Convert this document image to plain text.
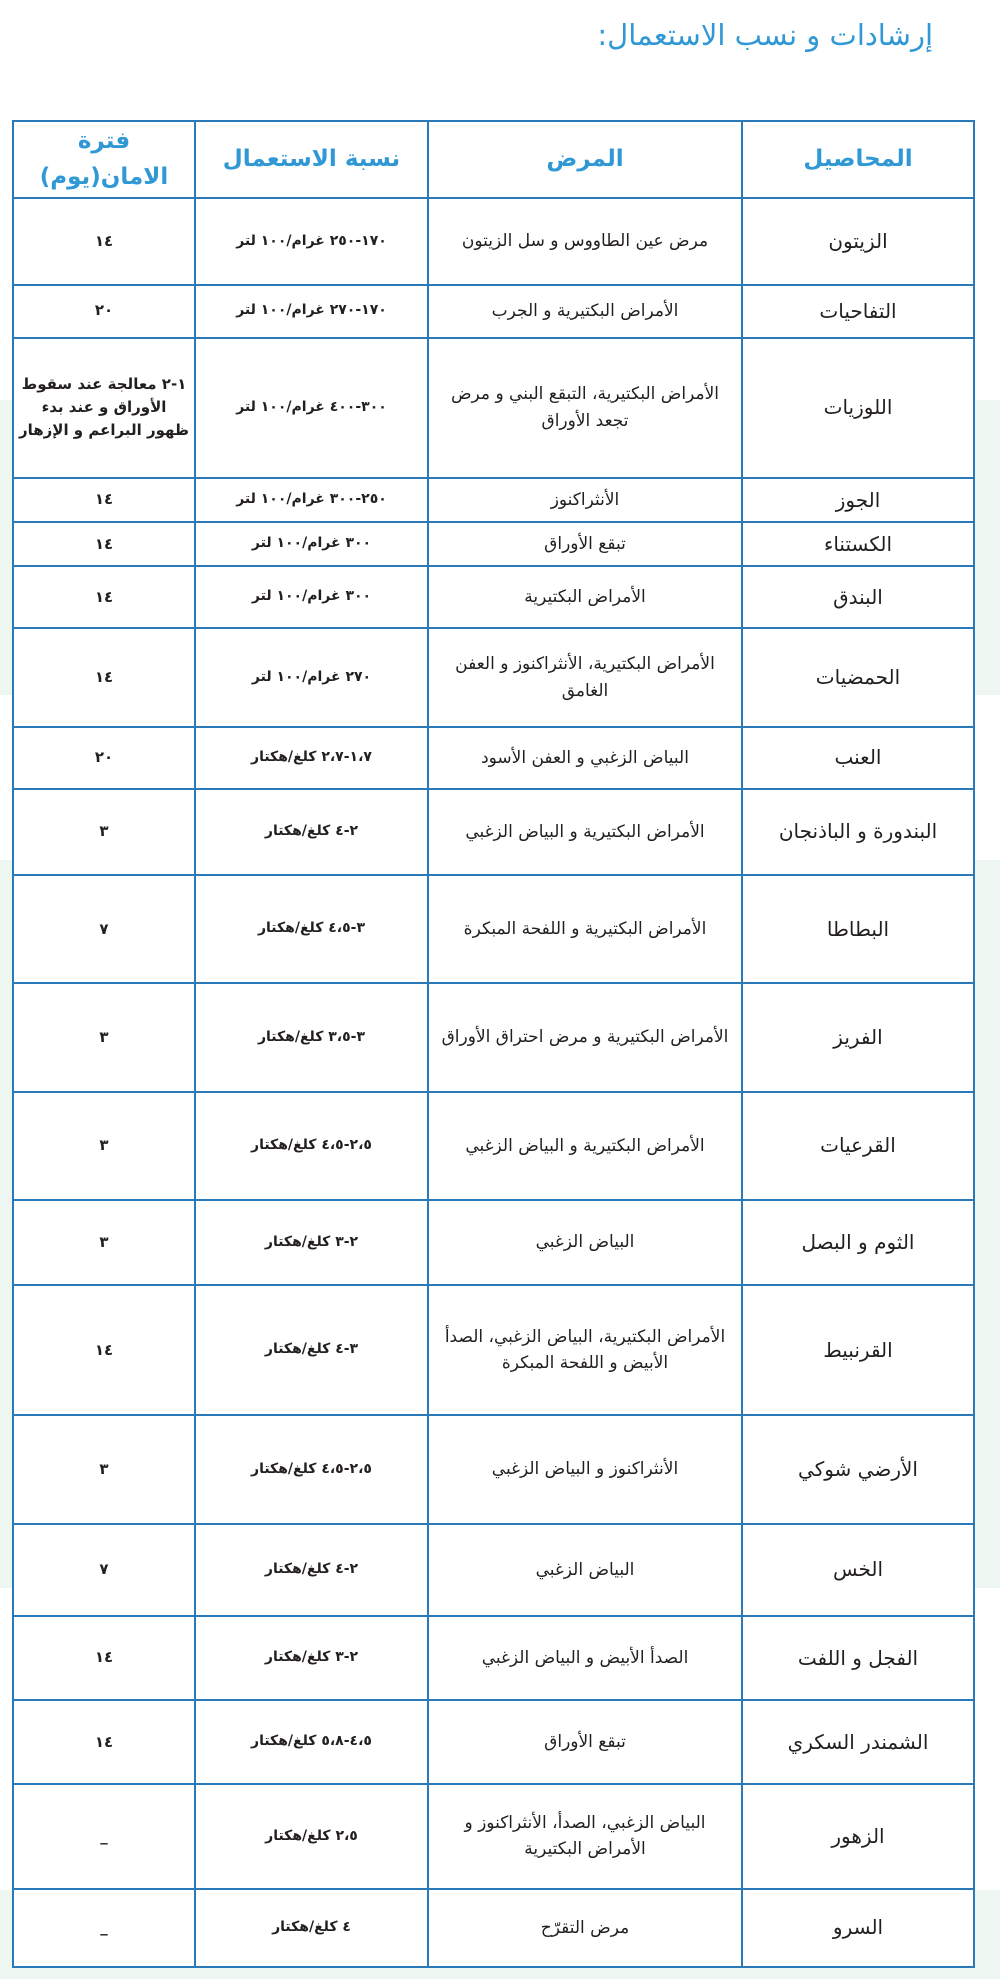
إرشادات و نسب الاستعمال:
المحاصيل	المرض	نسبة الاستعمال	فترة الامان(يوم)
الزيتون	مرض عين الطاووس و سل الزيتون	١٧٠-٢٥٠ غرام/١٠٠ لتر	١٤
التفاحيات	الأمراض البكتيرية و الجرب	١٧٠-٢٧٠ غرام/١٠٠ لتر	٢٠
اللوزيات	الأمراض البكتيرية، التبقع البني و مرض تجعد الأوراق	٣٠٠-٤٠٠ غرام/١٠٠ لتر	١-٢ معالجة عند سقوط الأوراق و عند بدء ظهور البراعم و الإزهار
الجوز	الأنثراكنوز	٢٥٠-٣٠٠ غرام/١٠٠ لتر	١٤
الكستناء	تبقع الأوراق	٣٠٠ غرام/١٠٠ لتر	١٤
البندق	الأمراض البكتيرية	٣٠٠ غرام/١٠٠ لتر	١٤
الحمضيات	الأمراض البكتيرية، الأنثراكنوز و العفن الغامق	٢٧٠ غرام/١٠٠ لتر	١٤
العنب	البياض الزغبي و العفن الأسود	١،٧-٢،٧ كلغ/هكتار	٢٠
البندورة و الباذنجان	الأمراض البكتيرية و البياض الزغبي	٢-٤ كلغ/هكتار	٣
البطاطا	الأمراض البكتيرية و اللفحة المبكرة	٣-٤،٥ كلغ/هكتار	٧
الفريز	الأمراض البكتيرية و مرض احتراق الأوراق	٣-٣،٥ كلغ/هكتار	٣
القرعيات	الأمراض البكتيرية و البياض الزغبي	٢،٥-٤،٥ كلغ/هكتار	٣
الثوم و البصل	البياض الزغبي	٢-٣ كلغ/هكتار	٣
القرنبيط	الأمراض البكتيرية، البياض الزغبي، الصدأ الأبيض و اللفحة المبكرة	٣-٤ كلغ/هكتار	١٤
الأرضي شوكي	الأنثراكنوز و البياض الزغبي	٢،٥-٤،٥ كلغ/هكتار	٣
الخس	البياض الزغبي	٢-٤ كلغ/هكتار	٧
الفجل و اللفت	الصدأ الأبيض و البياض الزغبي	٢-٣ كلغ/هكتار	١٤
الشمندر السكري	تبقع الأوراق	٤،٥-٥،٨ كلغ/هكتار	١٤
الزهور	البياض الزغبي، الصدأ، الأنثراكنوز و الأمراض البكتيرية	٢،٥ كلغ/هكتار	_
السرو	مرض التقرّح	٤ كلغ/هكتار	_
